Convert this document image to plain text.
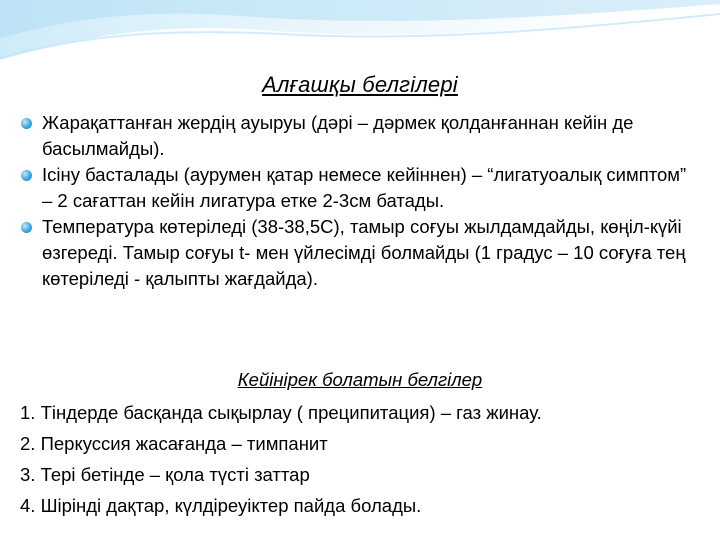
Алғашқы белгілері
Жарақаттанған жердің ауыруы (дәрі – дәрмек қолданғаннан кейін де басылмайды).
Ісіну басталады (аурумен қатар немесе кейіннен) – “лигатуоалық симптом” – 2 сағаттан кейін лигатура етке 2-3см батады.
Температура көтеріледі (38-38,5С), тамыр соғуы жылдамдайды, көңіл-күйі өзгереді. Тамыр соғуы t- мен үйлесімді болмайды (1 градус – 10 соғуға тең көтеріледі - қалыпты жағдайда).
Кейінірек болатын белгілер
1. Тіндерде басқанда сықырлау ( преципитация) – газ жинау.
2. Перкуссия жасағанда – тимпанит
3. Тері бетінде – қола түсті заттар
4. Шірінді дақтар, күлдіреуіктер пайда болады.
